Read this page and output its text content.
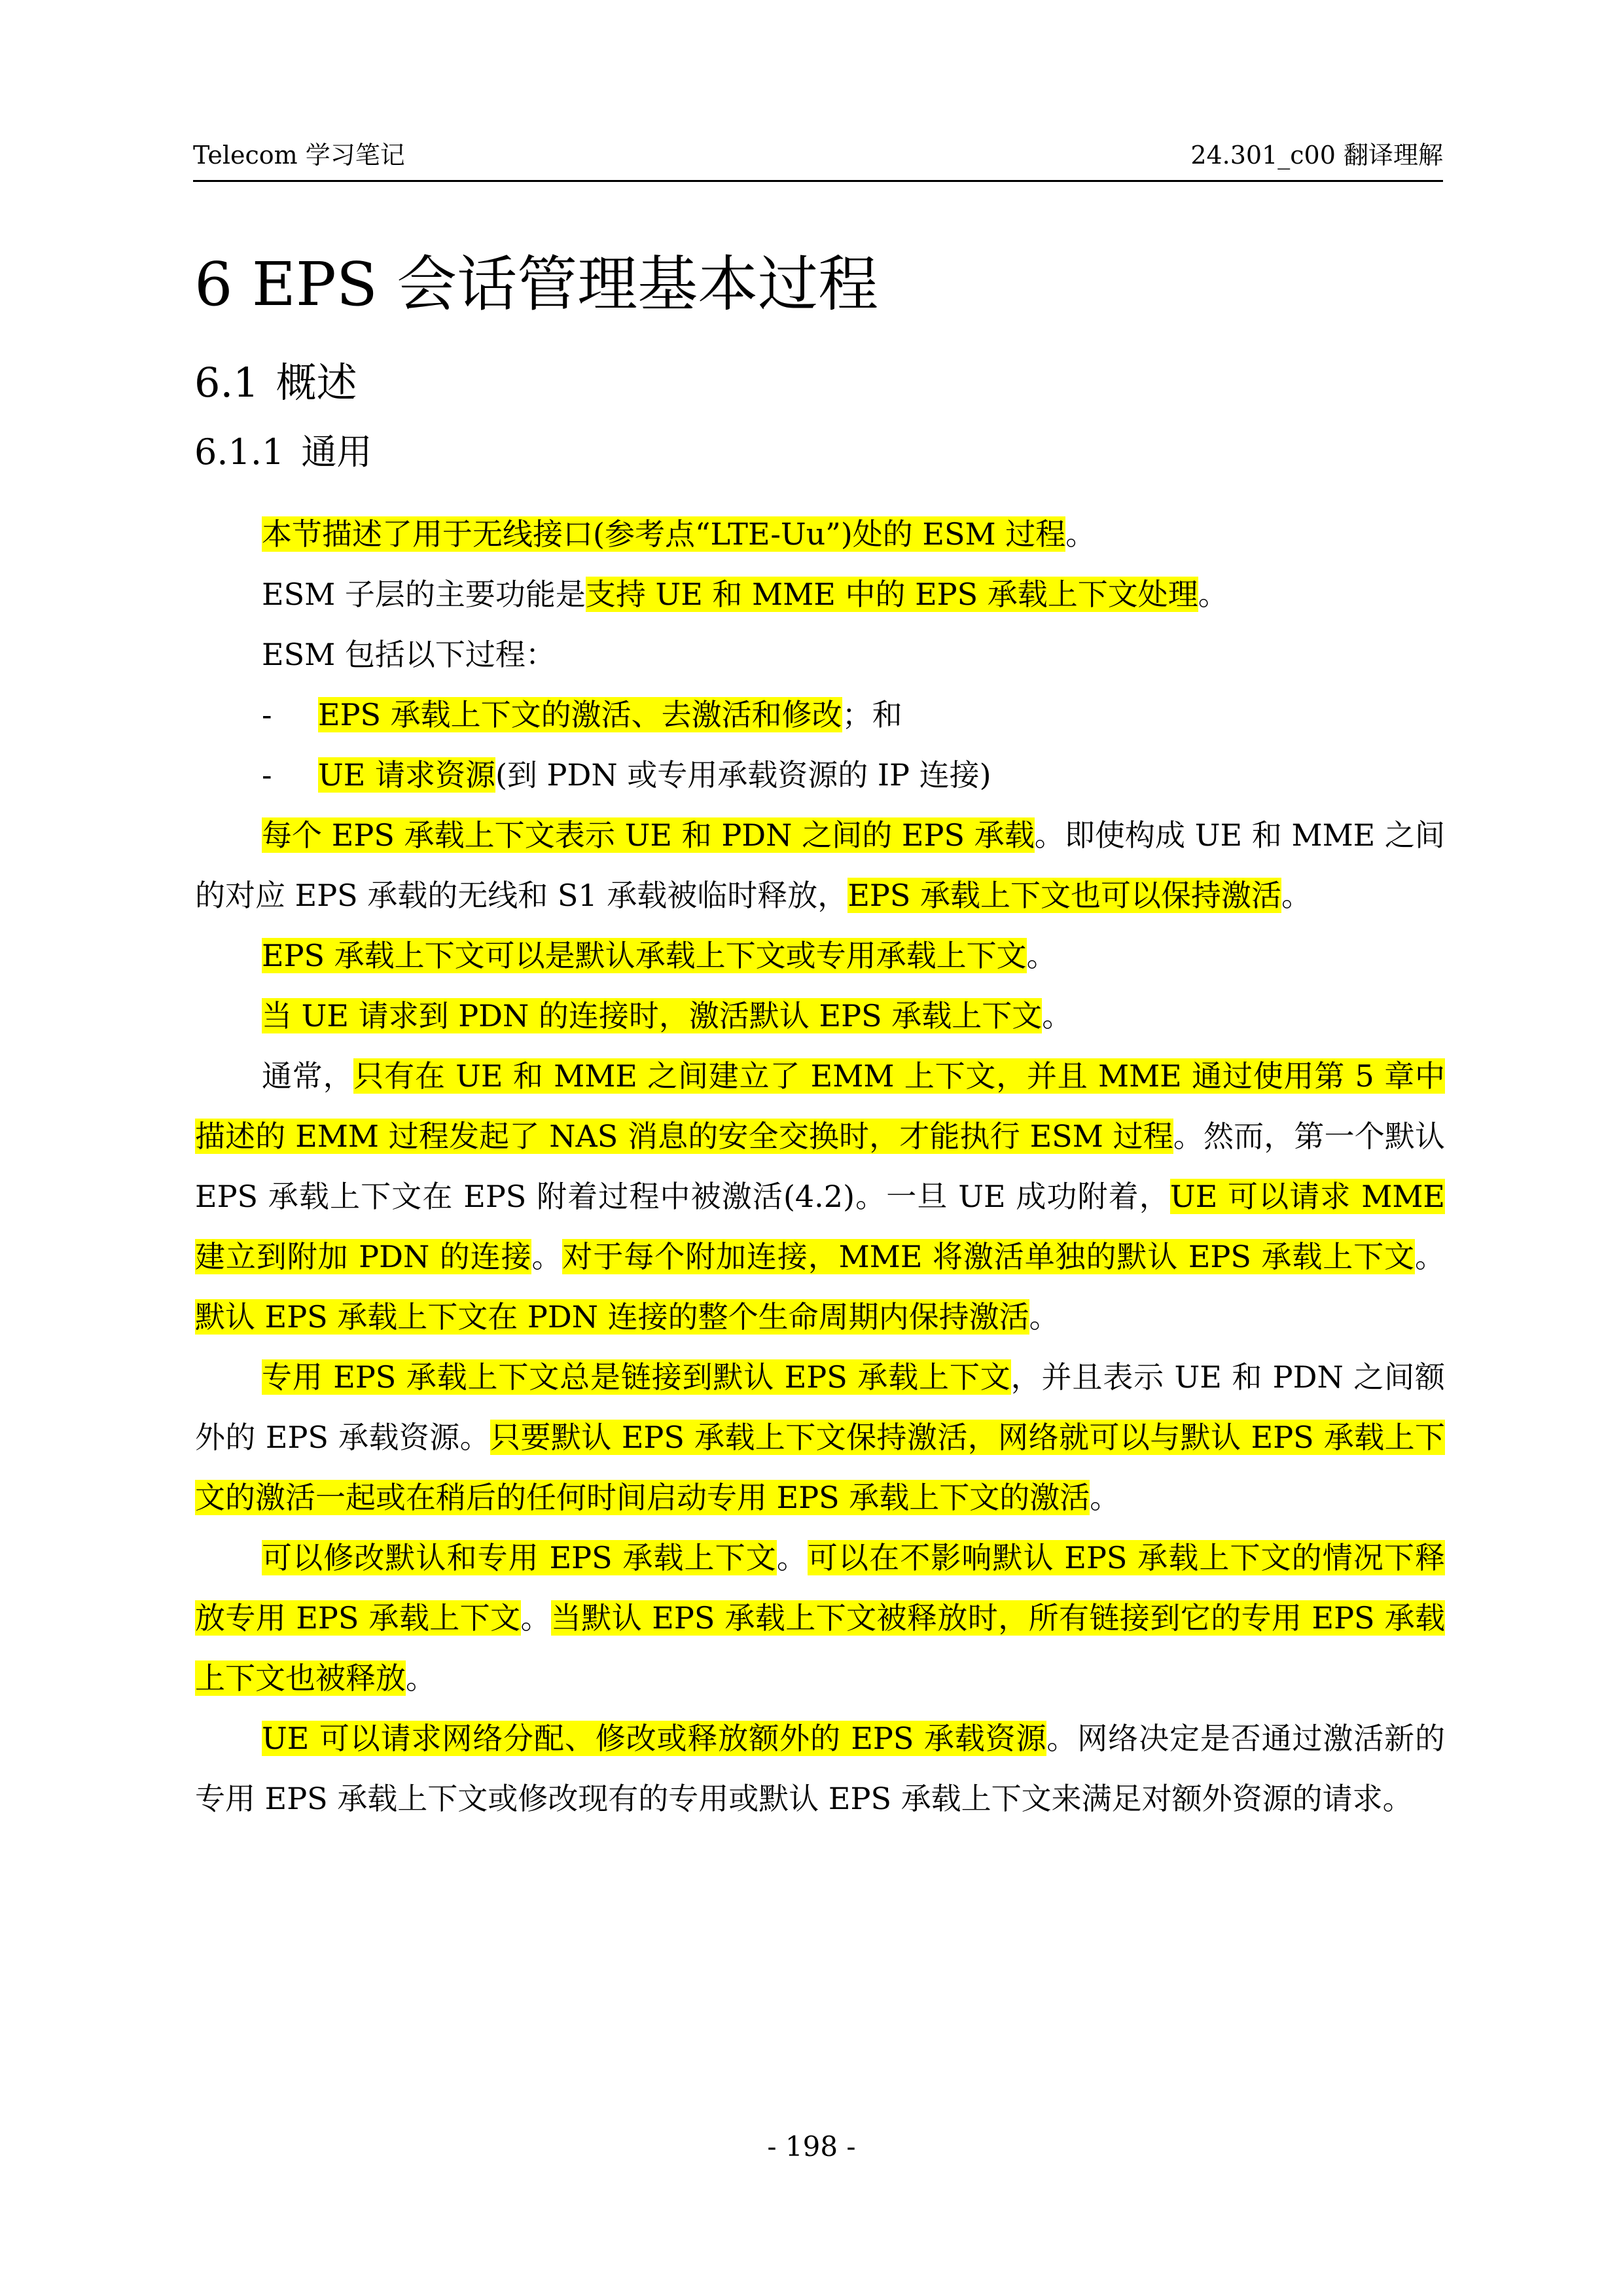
Telecom 学习笔记	24.301_c00 翻译理解
6 EPS 会话管理基本过程
6.1 概述
6.1.1 通用

本节描述了用于无线接口(参考点“LTE-Uu”)处的 ESM 过程。

ESM 子层的主要功能是支持 UE 和 MME 中的 EPS 承载上下文处理。

ESM 包括以下过程：

- EPS 承载上下文的激活、去激活和修改；和

- UE 请求资源(到 PDN 或专用承载资源的 IP 连接)

每个 EPS 承载上下文表示 UE 和 PDN 之间的 EPS 承载。即使构成 UE 和 MME 之间的对应 EPS 承载的无线和 S1 承载被临时释放，EPS 承载上下文也可以保持激活。

EPS 承载上下文可以是默认承载上下文或专用承载上下文。

当 UE 请求到 PDN 的连接时，激活默认 EPS 承载上下文。

通常，只有在 UE 和 MME 之间建立了 EMM 上下文，并且 MME 通过使用第 5 章中描述的 EMM 过程发起了 NAS 消息的安全交换时，才能执行 ESM 过程。然而，第一个默认 EPS 承载上下文在 EPS 附着过程中被激活(4.2)。一旦 UE 成功附着，UE 可以请求 MME 建立到附加 PDN 的连接。对于每个附加连接，MME 将激活单独的默认 EPS 承载上下文。默认 EPS 承载上下文在 PDN 连接的整个生命周期内保持激活。

专用 EPS 承载上下文总是链接到默认 EPS 承载上下文，并且表示 UE 和 PDN 之间额外的 EPS 承载资源。只要默认 EPS 承载上下文保持激活，网络就可以与默认 EPS 承载上下文的激活一起或在稍后的任何时间启动专用 EPS 承载上下文的激活。

可以修改默认和专用 EPS 承载上下文。可以在不影响默认 EPS 承载上下文的情况下释放专用 EPS 承载上下文。当默认 EPS 承载上下文被释放时，所有链接到它的专用 EPS 承载上下文也被释放。

UE 可以请求网络分配、修改或释放额外的 EPS 承载资源。网络决定是否通过激活新的专用 EPS 承载上下文或修改现有的专用或默认 EPS 承载上下文来满足对额外资源的请求。

- 198 -
